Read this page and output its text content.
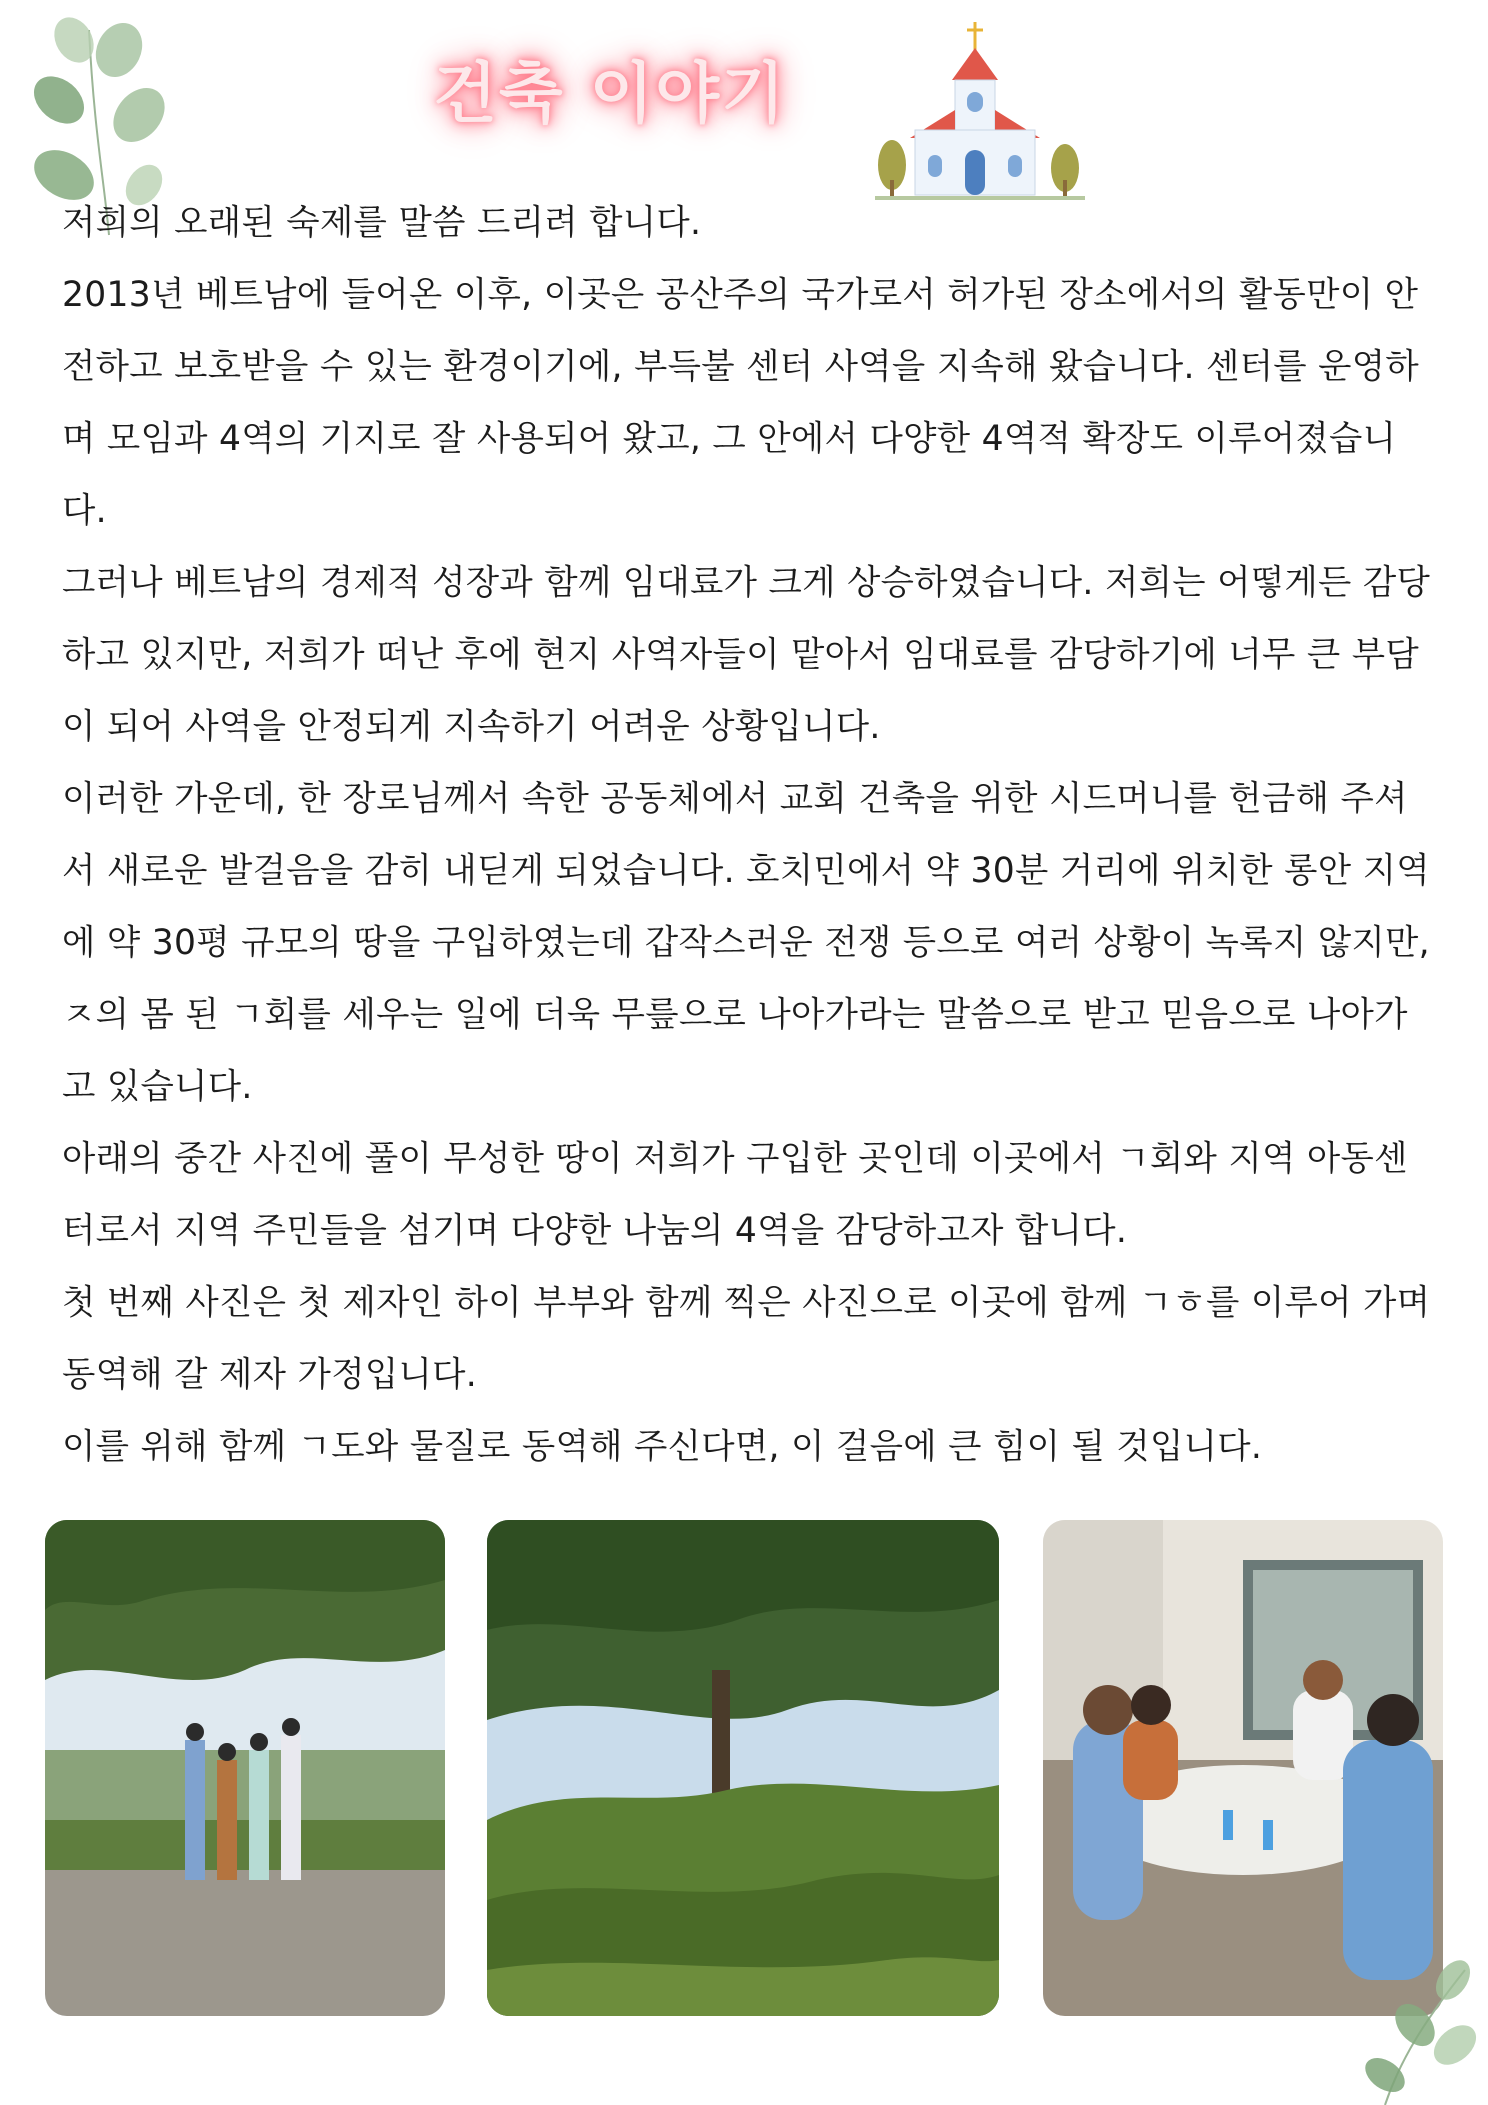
건축 이야기

저희의 오래된 숙제를 말씀 드리려 합니다.

2013년 베트남에 들어온 이후, 이곳은 공산주의 국가로서 허가된 장소에서의 활동만이 안전하고 보호받을 수 있는 환경이기에, 부득불 센터 사역을 지속해 왔습니다. 센터를 운영하며 모임과 4역의 기지로 잘 사용되어 왔고, 그 안에서 다양한 4역적 확장도 이루어졌습니다.

그러나 베트남의 경제적 성장과 함께 임대료가 크게 상승하였습니다. 저희는 어떻게든 감당하고 있지만, 저희가 떠난 후에 현지 사역자들이 맡아서 임대료를 감당하기에 너무 큰 부담이 되어 사역을 안정되게 지속하기 어려운 상황입니다.

이러한 가운데, 한 장로님께서 속한 공동체에서 교회 건축을 위한 시드머니를 헌금해 주셔서 새로운 발걸음을 감히 내딛게 되었습니다. 호치민에서 약 30분 거리에 위치한 롱안 지역에 약 30평 규모의 땅을 구입하였는데 갑작스러운 전쟁 등으로 여러 상황이 녹록지 않지만, ㅈ의 몸 된 ㄱ회를 세우는 일에 더욱 무릎으로 나아가라는 말씀으로 받고 믿음으로 나아가고 있습니다.

아래의 중간 사진에 풀이 무성한 땅이 저희가 구입한 곳인데 이곳에서 ㄱ회와 지역 아동센터로서 지역 주민들을 섬기며 다양한 나눔의 4역을 감당하고자 합니다.

첫 번째 사진은 첫 제자인 하이 부부와 함께 찍은 사진으로 이곳에 함께 ㄱㅎ를 이루어 가며 동역해 갈 제자 가정입니다.

이를 위해 함께 ㄱ도와 물질로 동역해 주신다면, 이 걸음에 큰 힘이 될 것입니다.
